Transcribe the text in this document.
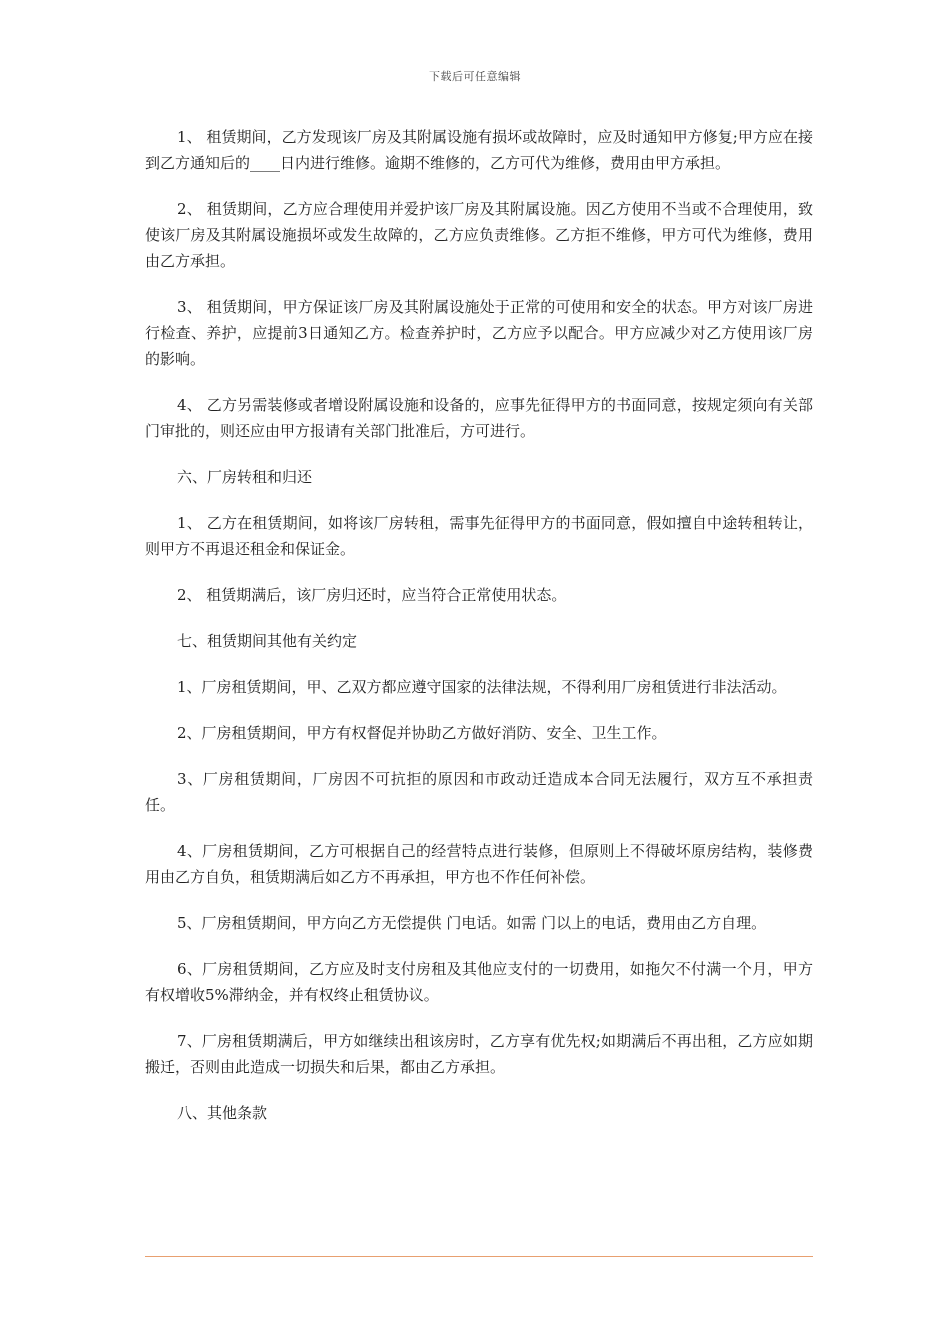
下载后可任意编辑

1、 租赁期间，乙方发现该厂房及其附属设施有损坏或故障时，应及时通知甲方修复;甲方应在接到乙方通知后的____日内进行维修。逾期不维修的，乙方可代为维修，费用由甲方承担。

2、 租赁期间，乙方应合理使用并爱护该厂房及其附属设施。因乙方使用不当或不合理使用，致使该厂房及其附属设施损坏或发生故障的，乙方应负责维修。乙方拒不维修，甲方可代为维修，费用由乙方承担。

3、 租赁期间，甲方保证该厂房及其附属设施处于正常的可使用和安全的状态。甲方对该厂房进行检查、养护，应提前3日通知乙方。检查养护时，乙方应予以配合。甲方应减少对乙方使用该厂房的影响。

4、 乙方另需装修或者增设附属设施和设备的，应事先征得甲方的书面同意，按规定须向有关部门审批的，则还应由甲方报请有关部门批准后，方可进行。

六、厂房转租和归还

1、 乙方在租赁期间，如将该厂房转租，需事先征得甲方的书面同意，假如擅自中途转租转让，则甲方不再退还租金和保证金。

2、 租赁期满后，该厂房归还时，应当符合正常使用状态。

七、租赁期间其他有关约定

1、厂房租赁期间，甲、乙双方都应遵守国家的法律法规，不得利用厂房租赁进行非法活动。

2、厂房租赁期间，甲方有权督促并协助乙方做好消防、安全、卫生工作。

3、厂房租赁期间，厂房因不可抗拒的原因和市政动迁造成本合同无法履行，双方互不承担责任。

4、厂房租赁期间，乙方可根据自己的经营特点进行装修，但原则上不得破坏原房结构，装修费用由乙方自负，租赁期满后如乙方不再承担，甲方也不作任何补偿。

5、厂房租赁期间，甲方向乙方无偿提供 门电话。如需 门以上的电话，费用由乙方自理。

6、厂房租赁期间，乙方应及时支付房租及其他应支付的一切费用，如拖欠不付满一个月，甲方有权增收5%滞纳金，并有权终止租赁协议。

7、厂房租赁期满后，甲方如继续出租该房时，乙方享有优先权;如期满后不再出租，乙方应如期搬迁，否则由此造成一切损失和后果，都由乙方承担。

八、其他条款
